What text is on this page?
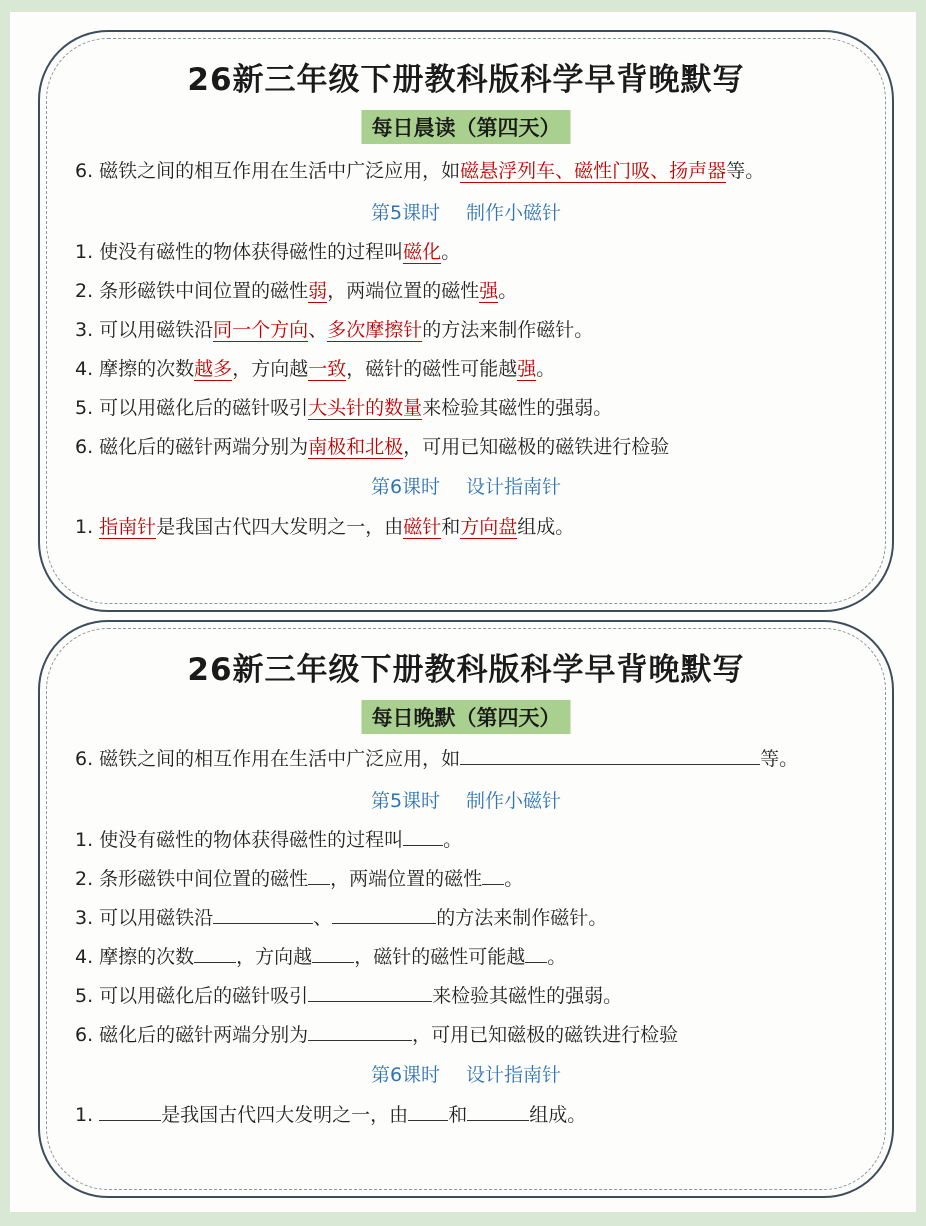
26新三年级下册教科版科学早背晚默写
每日晨读（第四天）
6. 磁铁之间的相互作用在生活中广泛应用，如磁悬浮列车、磁性门吸、扬声器等。
第5课时 制作小磁针
1. 使没有磁性的物体获得磁性的过程叫磁化。
2. 条形磁铁中间位置的磁性弱，两端位置的磁性强。
3. 可以用磁铁沿同一个方向、多次摩擦针的方法来制作磁针。
4. 摩擦的次数越多，方向越一致，磁针的磁性可能越强。
5. 可以用磁化后的磁针吸引大头针的数量来检验其磁性的强弱。
6. 磁化后的磁针两端分别为南极和北极，可用已知磁极的磁铁进行检验
第6课时 设计指南针
1. 指南针是我国古代四大发明之一，由磁针和方向盘组成。
26新三年级下册教科版科学早背晚默写
每日晚默（第四天）
6. 磁铁之间的相互作用在生活中广泛应用，如	等。
第5课时 制作小磁针
1. 使没有磁性的物体获得磁性的过程叫 。
2. 条形磁铁中间位置的磁性 ，两端位置的磁性 。
3. 可以用磁铁沿	、	的方法来制作磁针。
4. 摩擦的次数 ，方向越 ，磁针的磁性可能越 。
5. 可以用磁化后的磁针吸引	来检验其磁性的强弱。
6. 磁化后的磁针两端分别为	，可用已知磁极的磁铁进行检验
第6课时 设计指南针
1.	是我国古代四大发明之一，由 和	组成。
